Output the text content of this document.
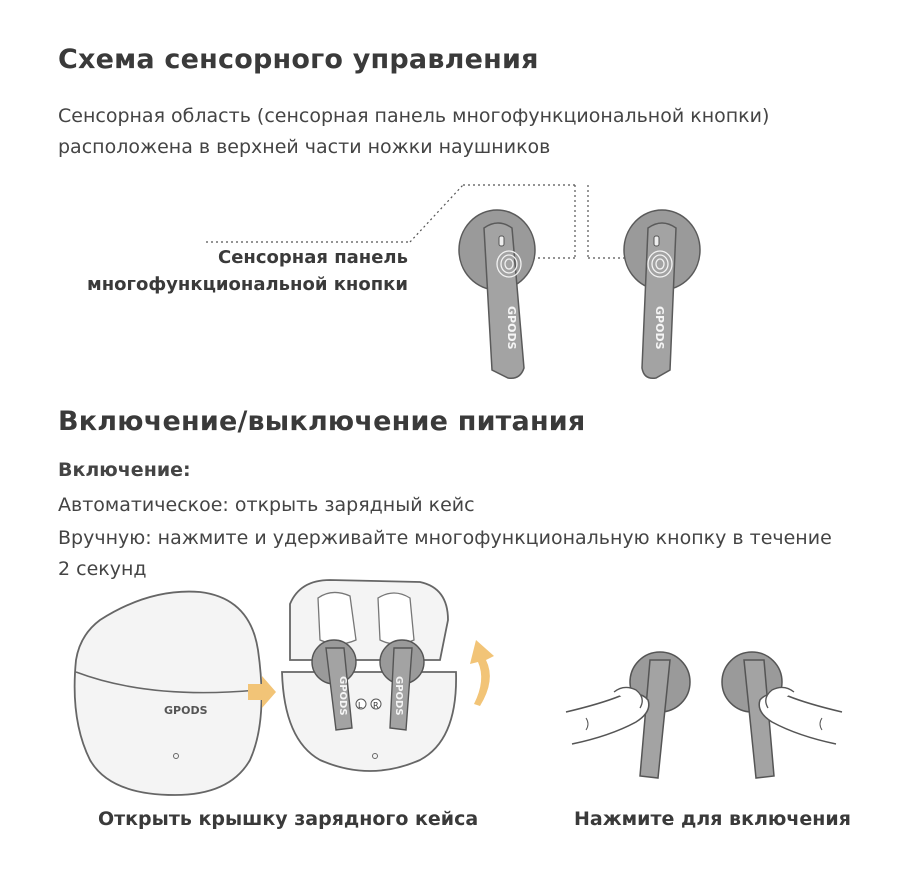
Схема сенсорного управления
Сенсорная область (сенсорная панель многофункциональной кнопки)
расположена в верхней части ножки наушников
Сенсорная панель
многофункциональной кнопки
GPODS	GPODS
Включение/выключение питания
Включение:
Автоматическое: открыть зарядный кейс
Вручную: нажмите и удерживайте многофункциональную кнопку в течение
2 секунд
GPODS	GPODS	GPODS
L R
Открыть крышку зарядного кейса	Нажмите для включения
